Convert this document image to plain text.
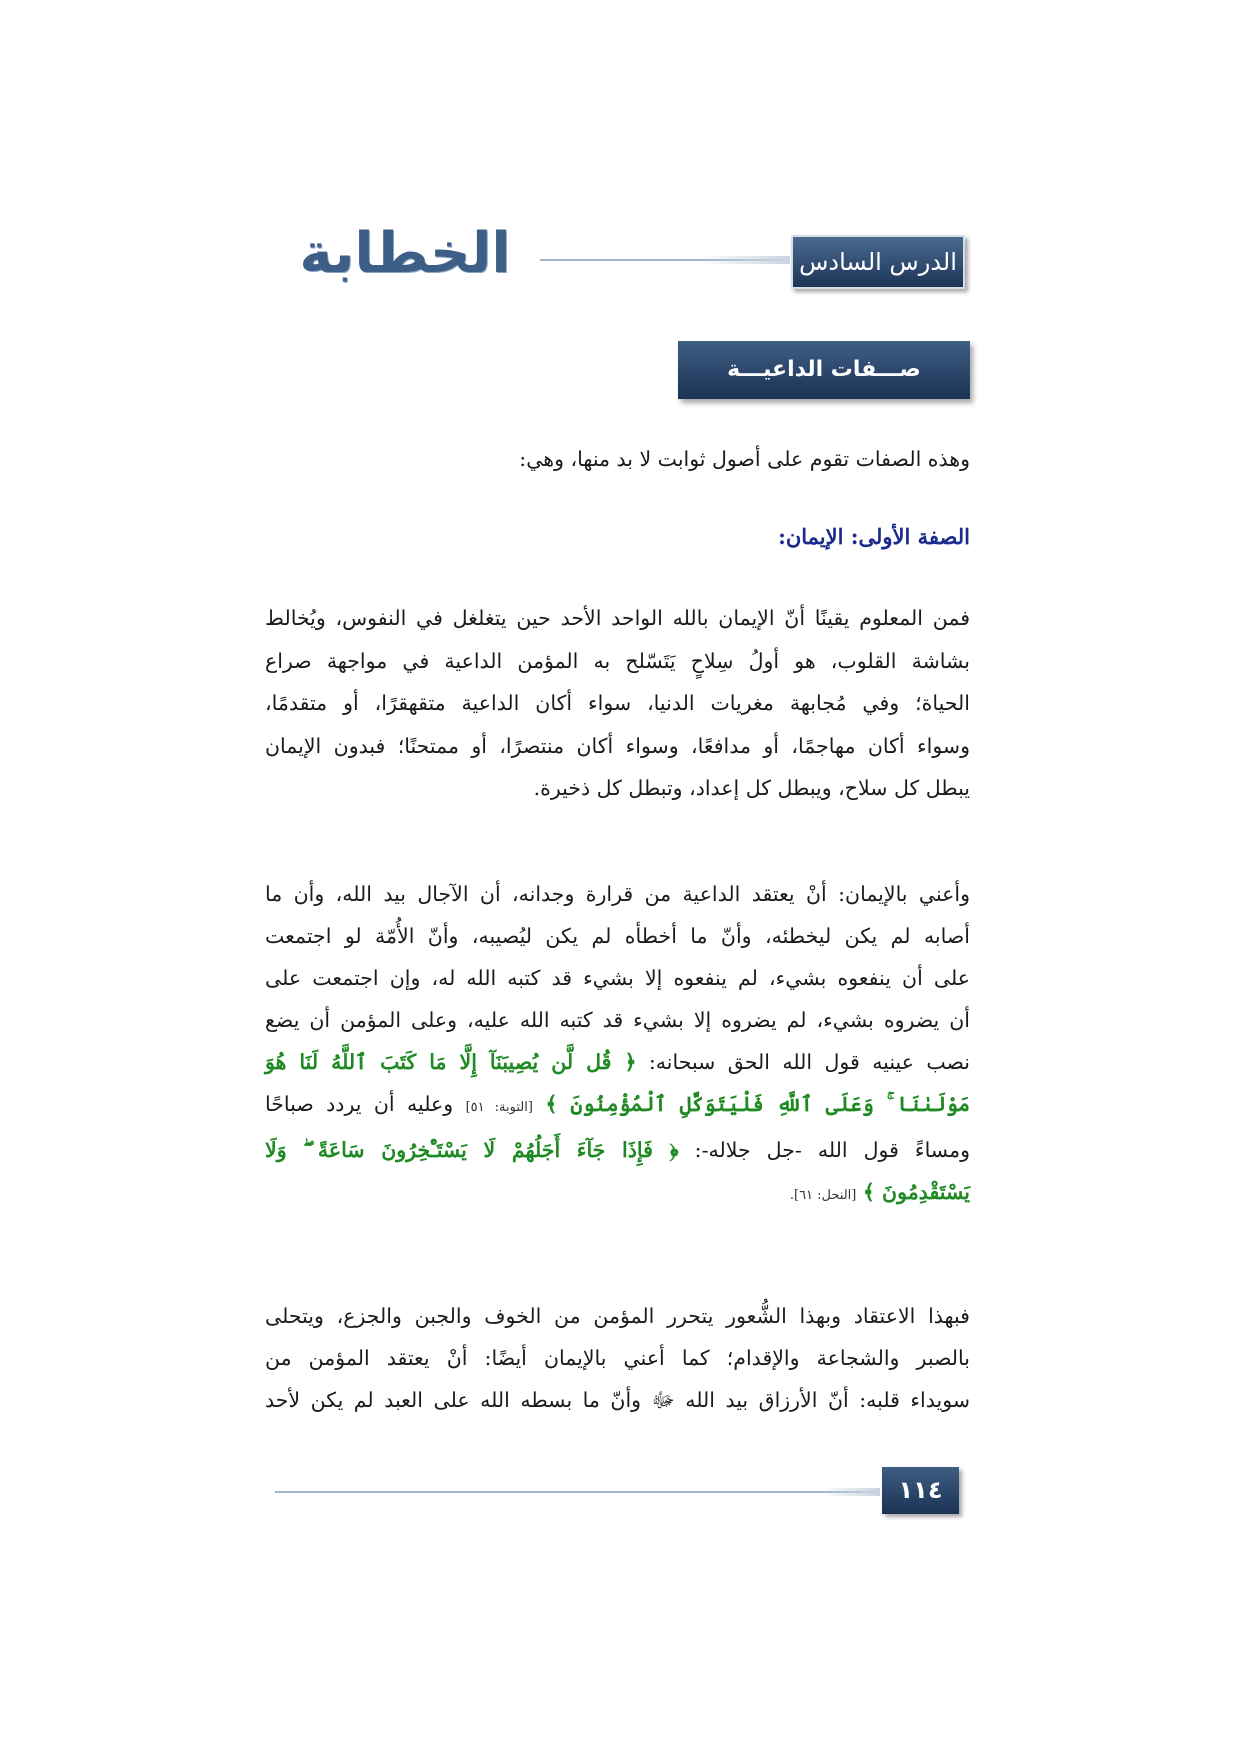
الخطابة	الدرس السادس
صـــفات الداعيـــة النفـــسية
وهذه الصفات تقوم على أصول ثوابت لا بد منها، وهي:
الصفة الأولى: الإيمان:
فمن المعلوم يقينًا أنّ الإيمان بالله الواحد الأحد حين يتغلغل في النفوس، ويُخالط
بشاشة القلوب، هو أولُ سِلاحٍ يَتَسّلح به المؤمن الداعية في مواجهة صراع
الحياة؛ وفي مُجابهة مغريات الدنيا، سواء أكان الداعية متقهقرًا، أو متقدمًا،
وسواء أكان مهاجمًا، أو مدافعًا، وسواء أكان منتصرًا، أو ممتحنًا؛ فبدون الإيمان
يبطل كل سلاح، ويبطل كل إعداد، وتبطل كل ذخيرة.
وأعني بالإيمان: أنْ يعتقد الداعية من قرارة وجدانه، أن الآجال بيد الله، وأن ما
أصابه لم يكن ليخطئه، وأنّ ما أخطأه لم يكن ليُصيبه، وأنّ الأُمّة لو اجتمعت
على أن ينفعوه بشيء، لم ينفعوه إلا بشيء قد كتبه الله له، وإن اجتمعت على
أن يضروه بشيء، لم يضروه إلا بشيء قد كتبه الله عليه، وعلى المؤمن أن يضع
نصب عينيه قول الله الحق سبحانه: ﴿ قُل لَّن يُصِيبَنَآ إِلَّا مَا كَتَبَ ٱللَّهُ لَنَا هُوَ
مَوْلَىٰنَا ۚ وَعَلَى ٱللَّهِ فَلْيَتَوَكَّلِ ٱلْمُؤْمِنُونَ ﴾ [التوبة: ٥١] وعليه أن يردد صباحًا
ومساءً قول الله -جل جلاله-: ﴿ فَإِذَا جَآءَ أَجَلُهُمْ لَا يَسْتَـْٔخِرُونَ سَاعَةً ۖ وَلَا
يَسْتَقْدِمُونَ ﴾ [النحل: ٦١].
فبهذا الاعتقاد وبهذا الشُّعور يتحرر المؤمن من الخوف والجبن والجزع، ويتحلى
بالصبر والشجاعة والإقدام؛ كما أعني بالإيمان أيضًا: أنْ يعتقد المؤمن من
سويداء قلبه: أنّ الأرزاق بيد الله ﷻ وأنّ ما بسطه الله على العبد لم يكن لأحد
١١٤
